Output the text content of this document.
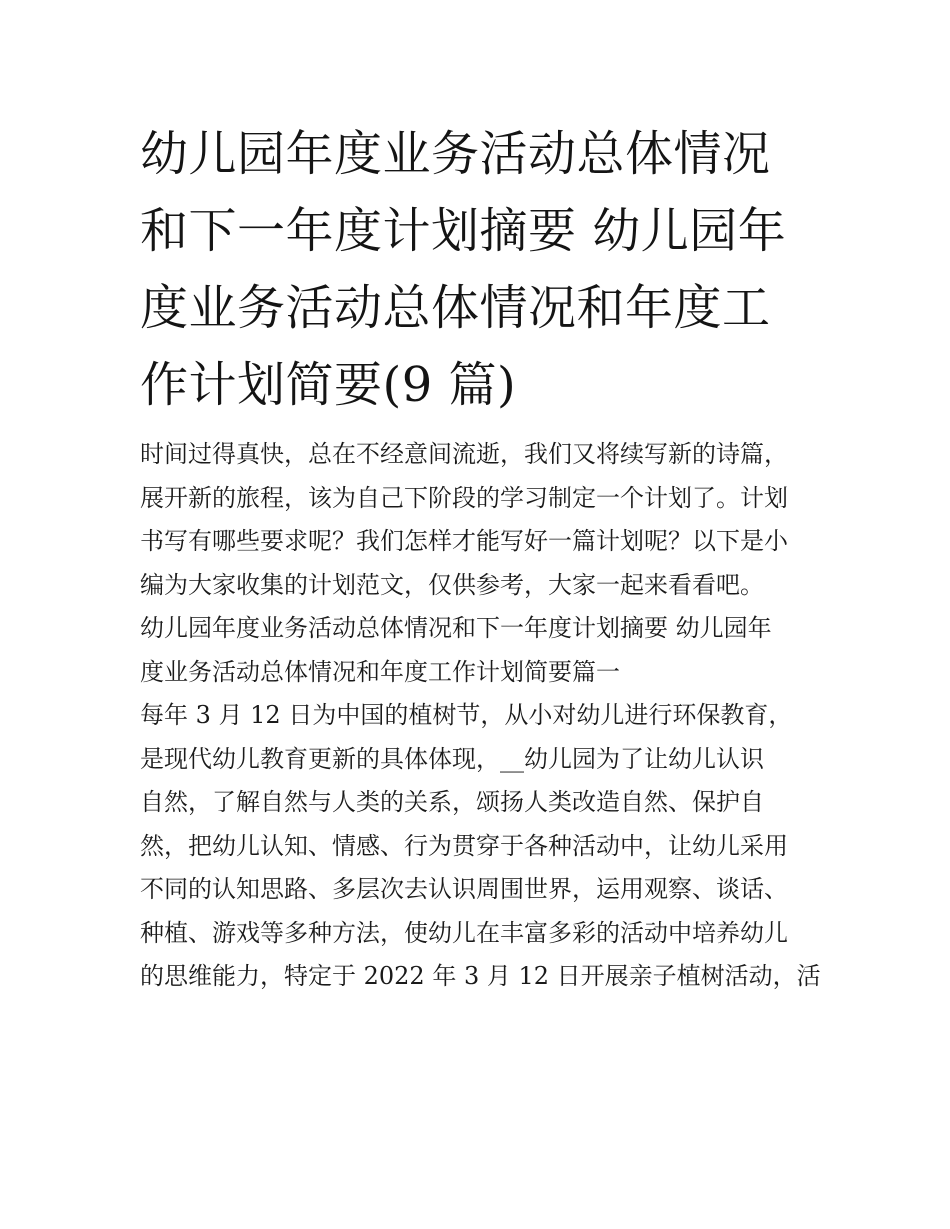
幼儿园年度业务活动总体情况
和下一年度计划摘要 幼儿园年
度业务活动总体情况和年度工
作计划简要(9 篇)
时间过得真快，总在不经意间流逝，我们又将续写新的诗篇，
展开新的旅程，该为自己下阶段的学习制定一个计划了。计划
书写有哪些要求呢？我们怎样才能写好一篇计划呢？以下是小
编为大家收集的计划范文，仅供参考，大家一起来看看吧。
幼儿园年度业务活动总体情况和下一年度计划摘要 幼儿园年
度业务活动总体情况和年度工作计划简要篇一
每年 3 月 12 日为中国的植树节，从小对幼儿进行环保教育，
是现代幼儿教育更新的具体体现，__幼儿园为了让幼儿认识
自然，了解自然与人类的关系，颂扬人类改造自然、保护自
然，把幼儿认知、情感、行为贯穿于各种活动中，让幼儿采用
不同的认知思路、多层次去认识周围世界，运用观察、谈话、
种植、游戏等多种方法，使幼儿在丰富多彩的活动中培养幼儿
的思维能力，特定于 2022 年 3 月 12 日开展亲子植树活动，活
